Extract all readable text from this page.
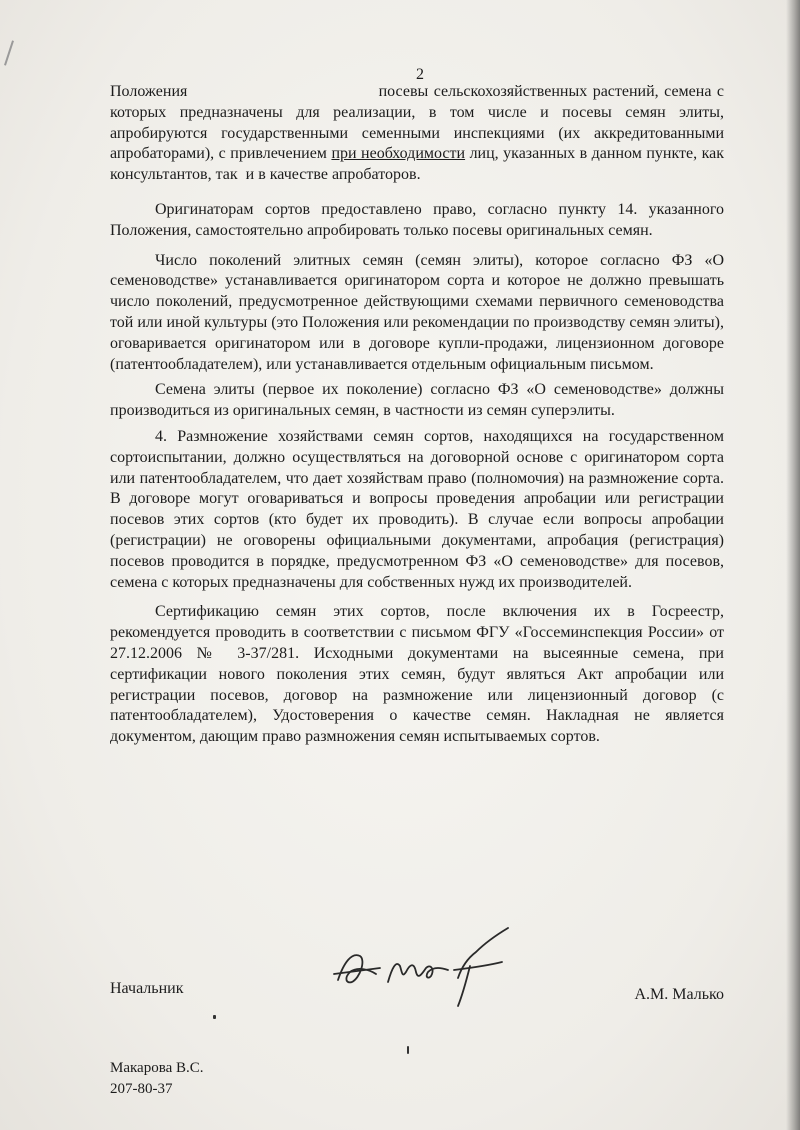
2

Положения                                   посевы сельскохозяйственных растений, семена с которых предназначены для реализации, в том числе и посевы семян элиты, апробируются государственными семенными инспекциями (их аккредитованными апробаторами), с привлечением при необходимости лиц, указанных в данном пункте, как консультантов, так  и в качестве апробаторов.

Оригинаторам сортов предоставлено право, согласно пункту 14. указанного Положения, самостоятельно апробировать только посевы оригинальных семян.

Число поколений элитных семян (семян элиты), которое согласно ФЗ «О семеноводстве» устанавливается оригинатором сорта и которое не должно превышать число поколений, предусмотренное действующими схемами первичного семеноводства той или иной культуры (это Положения или рекомендации по производству семян элиты), оговаривается оригинатором или в договоре купли-продажи, лицензионном договоре (патентообладателем), или устанавливается отдельным официальным письмом.

Семена элиты (первое их поколение) согласно ФЗ «О семеноводстве» должны производиться из оригинальных семян, в частности из семян суперэлиты.

4. Размножение хозяйствами семян сортов, находящихся на государственном сортоиспытании, должно осуществляться на договорной основе с оригинатором сорта или патентообладателем, что дает хозяйствам право (полномочия) на размножение сорта. В договоре могут оговариваться и вопросы проведения апробации или регистрации посевов этих сортов (кто будет их проводить). В случае если вопросы апробации (регистрации) не оговорены официальными документами, апробация (регистрация) посевов проводится в порядке, предусмотренном ФЗ «О семеноводстве» для посевов, семена с которых предназначены для собственных нужд их производителей.

Сертификацию семян этих сортов, после включения их в Госреестр, рекомендуется проводить в соответствии с письмом ФГУ «Госсеминспекция России» от 27.12.2006 № 3-37/281. Исходными документами на высеянные семена, при сертификации нового поколения этих семян, будут являться Акт апробации или регистрации посевов, договор на размножение или лицензионный договор (с патентообладателем), Удостоверения о качестве семян. Накладная не является документом, дающим право размножения семян испытываемых сортов.

Начальник	А.М. Малько
Макарова В.С.
207-80-37
